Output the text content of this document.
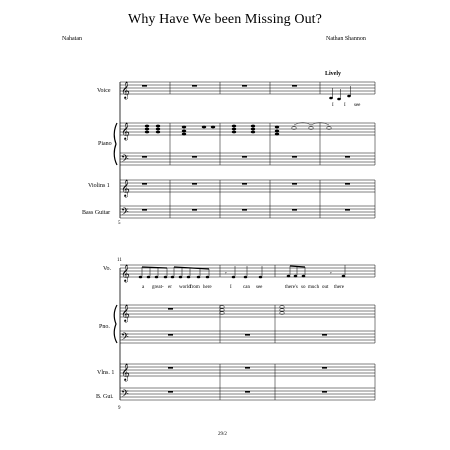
Why Have We been Missing Out?
Nahatan	Nathan Shannon
Lively
Voice
Piano
Violins 1
Bass Guitar
5
I I see
Vo.
Pno.
Vlns. 1
B. Gui.
11
9
a great- er world from here	I can see	there's so much out there
29/2
𝄞
𝄞
𝄢
𝄞
𝄢
𝄞
𝄞
𝄢
𝄞
𝄢
𝄾	𝄾
